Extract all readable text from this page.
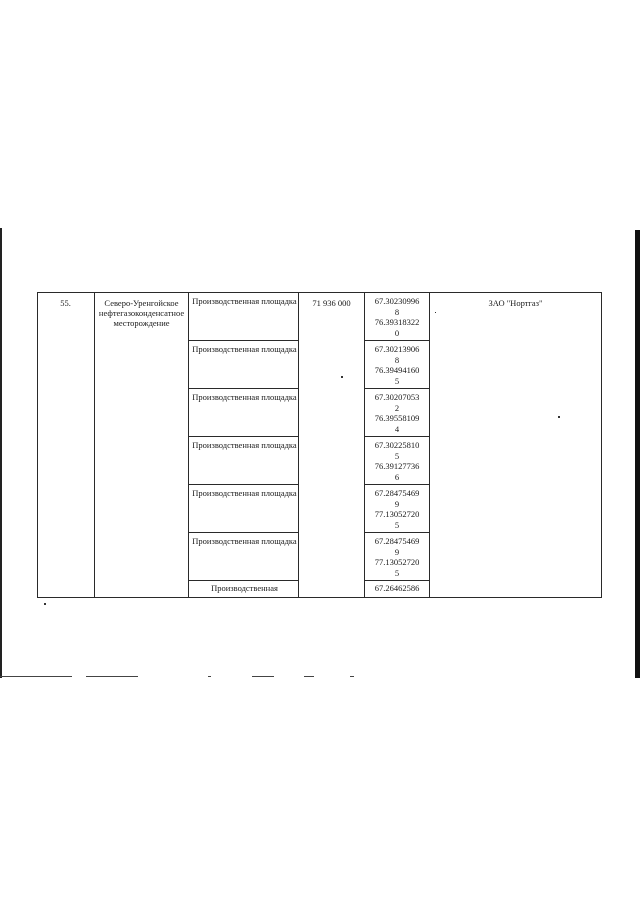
55.	Северо-Уренгойское нефтегазоконденсатное месторождение
71 936 000	ЗАО "Нортгаз"
Производственная площадка
Производственная площадка
Производственная площадка
Производственная площадка
Производственная площадка
Производственная площадка
Производственная
67.30230996
8
76.39318322
0
67.30213906
8
76.39494160
5
67.30207053
2
76.39558109
4
67.30225810
5
76.39127736
6
67.28475469
9
77.13052720
5
67.28475469
9
77.13052720
5
67.26462586
